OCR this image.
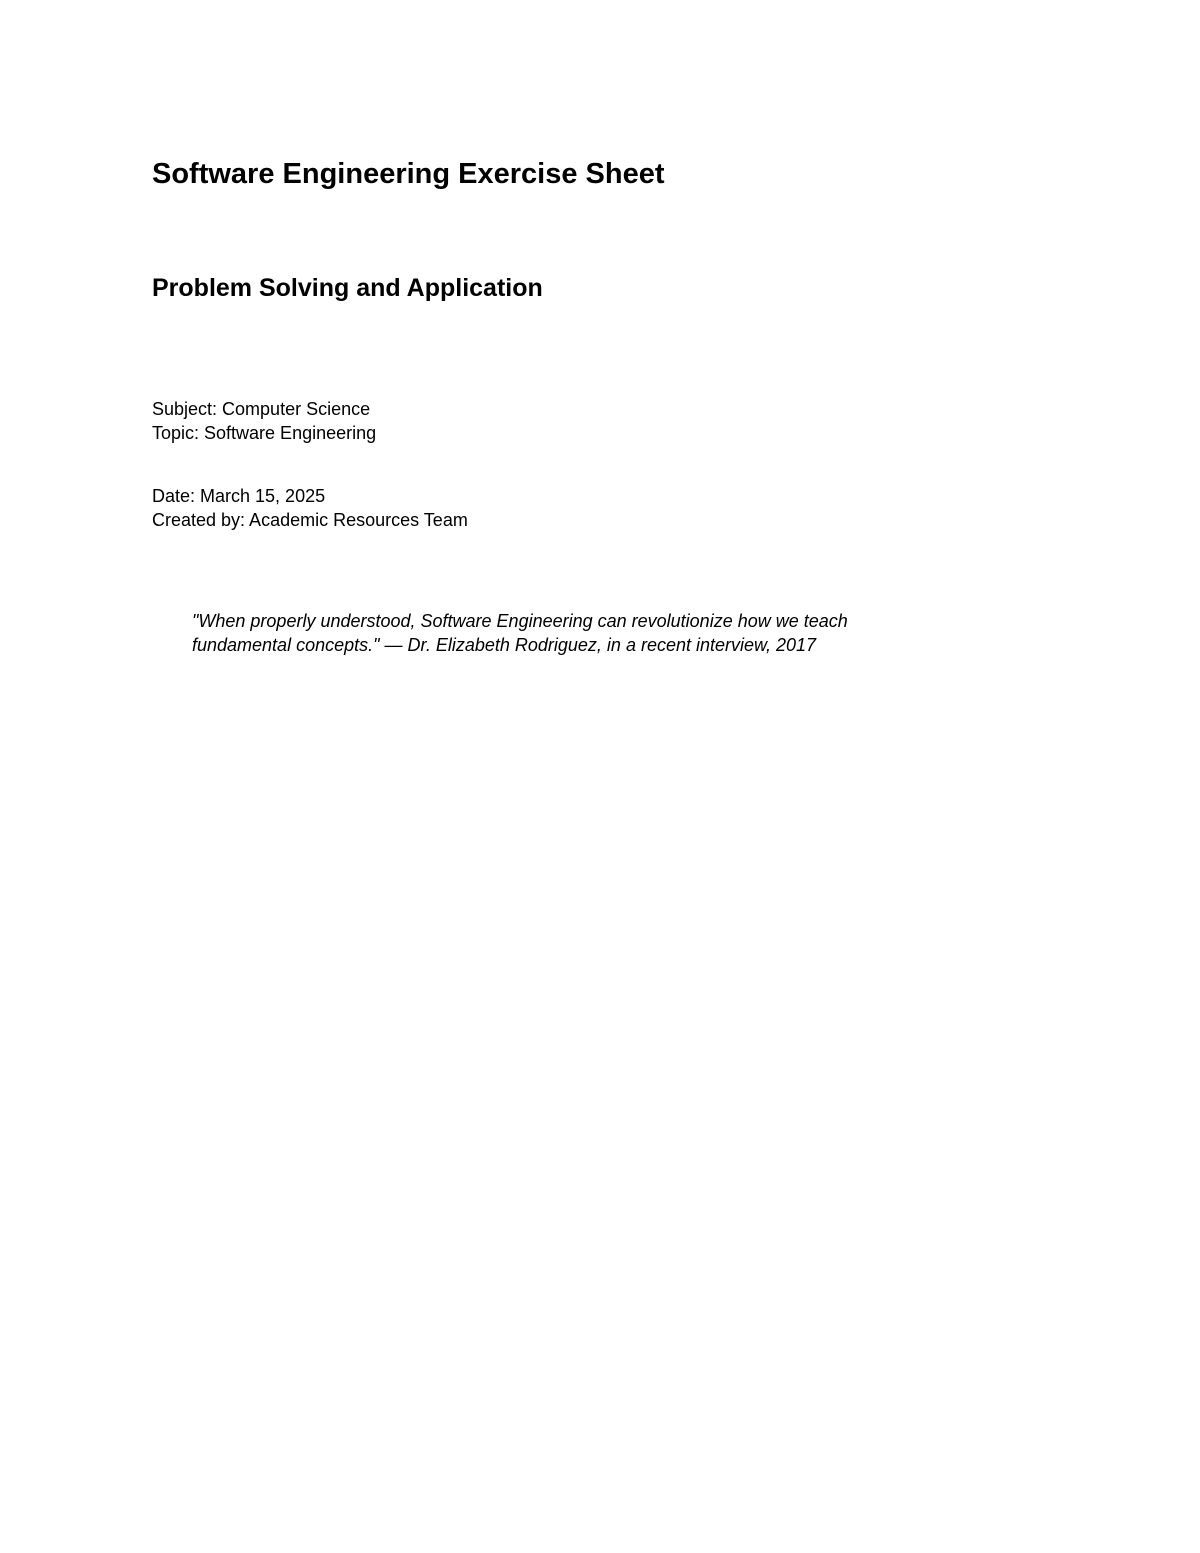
Software Engineering Exercise Sheet
Problem Solving and Application

Subject: Computer Science

Topic: Software Engineering

Date: March 15, 2025

Created by: Academic Resources Team

"When properly understood, Software Engineering can revolutionize how we teach fundamental concepts." — Dr. Elizabeth Rodriguez, in a recent interview, 2017
